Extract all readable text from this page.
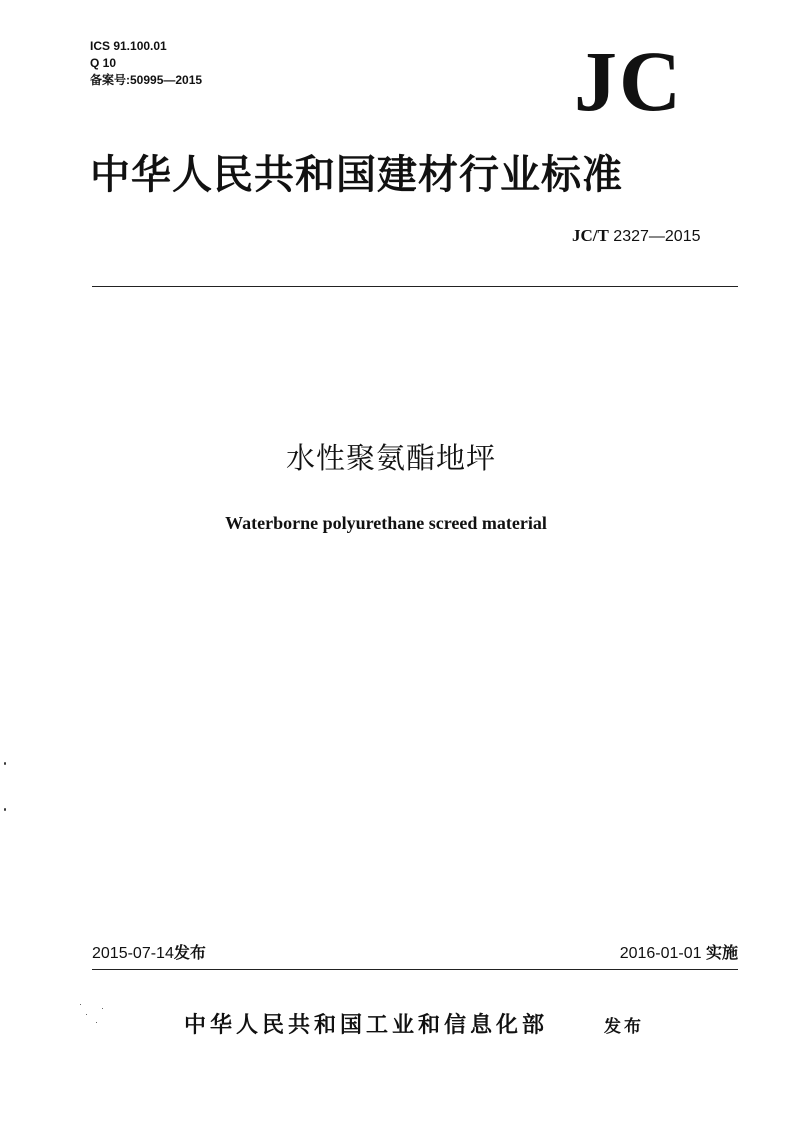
ICS 91.100.01
Q 10
备案号:50995—2015	JC
中华人民共和国建材行业标准
JC/T 2327—2015
水性聚氨酯地坪
Waterborne polyurethane screed material
2015-07-14发布	2016-01-01 实施
中华人民共和国工业和信息化部	发布
